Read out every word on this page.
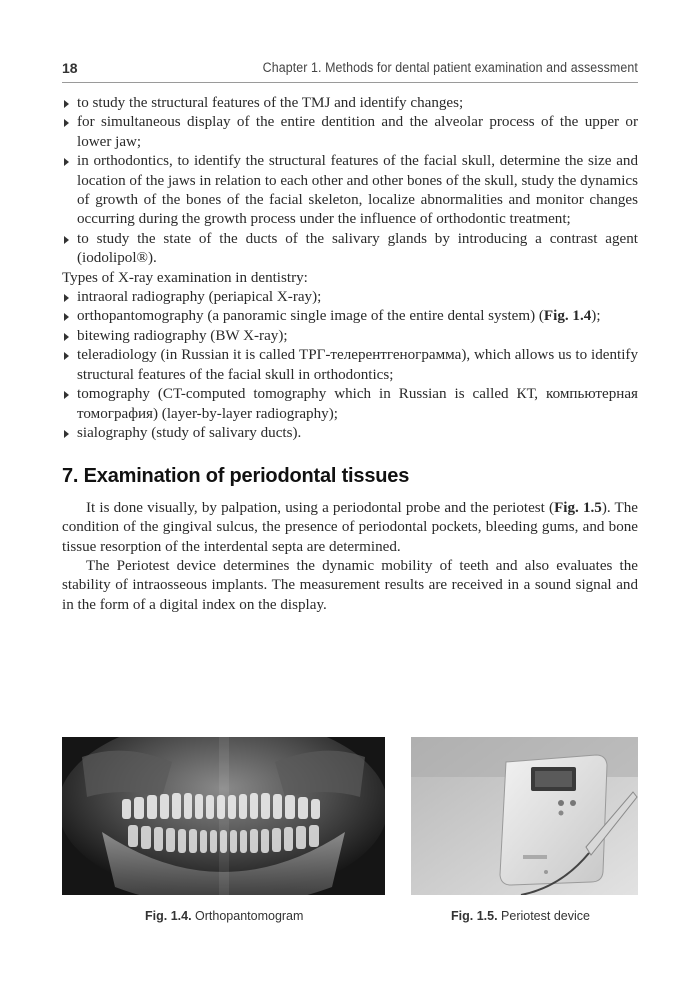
18	Chapter 1. Methods for dental patient examination and assessment
to study the structural features of the TMJ and identify changes;
for simultaneous display of the entire dentition and the alveolar process of the upper or lower jaw;
in orthodontics, to identify the structural features of the facial skull, determine the size and location of the jaws in relation to each other and other bones of the skull, study the dynamics of growth of the bones of the facial skeleton, localize abnormalities and monitor changes occurring during the growth process under the influence of orthodontic treatment;
to study the state of the ducts of the salivary glands by introducing a contrast agent (iodolipol®).

Types of X-ray examination in dentistry:

intraoral radiography (periapical X-ray);
orthopantomography (a panoramic single image of the entire dental system) (Fig. 1.4);
bitewing radiography (BW X-ray);
teleradiology (in Russian it is called ТРГ-телерентгенограмма), which allows us to identify structural features of the facial skull in orthodontics;
tomography (CT-computed tomography which in Russian is called КТ, компьютерная томография) (layer-by-layer radiography);
sialography (study of salivary ducts).
7. Examination of periodontal tissues

It is done visually, by palpation, using a periodontal probe and the periotest (Fig. 1.5). The condition of the gingival sulcus, the presence of periodontal pockets, bleeding gums, and bone tissue resorption of the interdental septa are determined.

The Periotest device determines the dynamic mobility of teeth and also evaluates the stability of intraosseous implants. The measurement results are received in a sound signal and in the form of a digital index on the display.

Fig. 1.4. Orthopantomogram	Fig. 1.5. Periotest device
